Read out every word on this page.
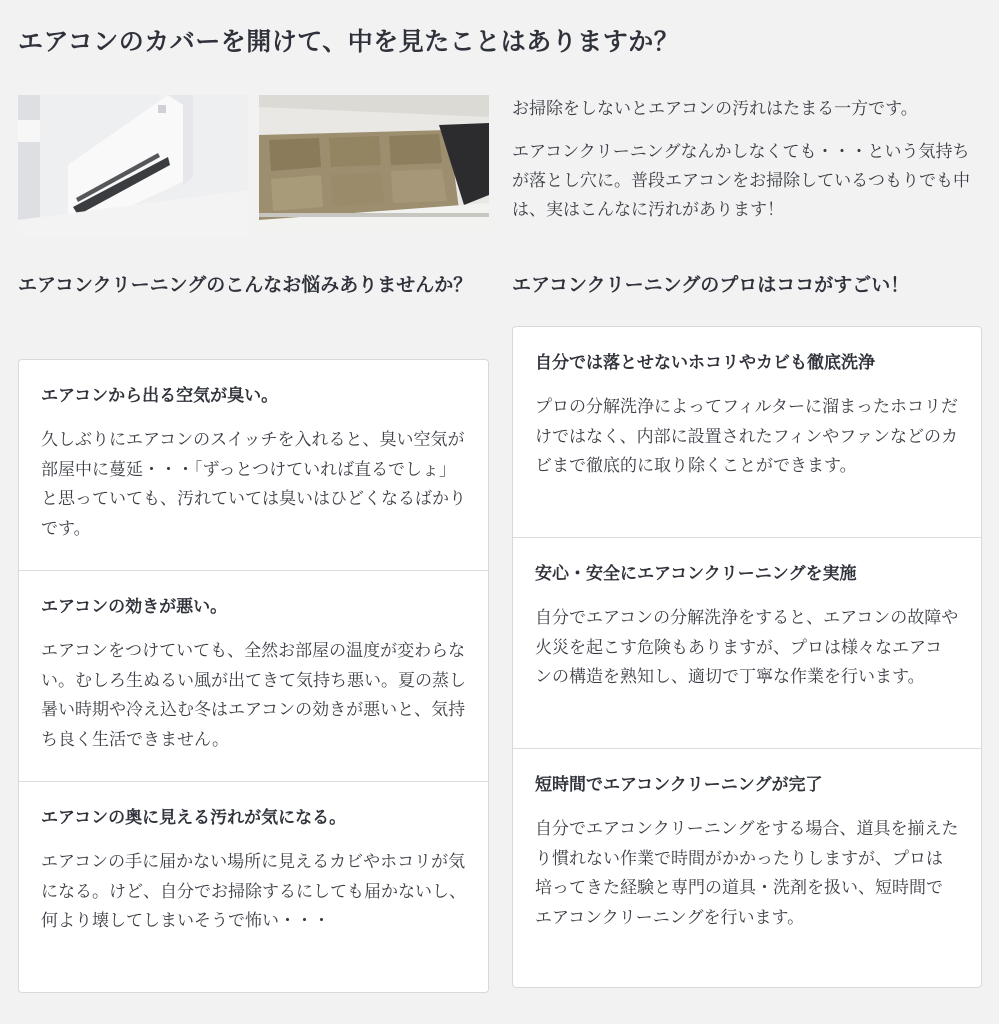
エアコンのカバーを開けて、中を見たことはありますか？

お掃除をしないとエアコンの汚れはたまる一方です。

エアコンクリーニングなんかしなくても・・・という気持ちが落とし穴に。普段エアコンをお掃除しているつもりでも中は、実はこんなに汚れがあります！

エアコンクリーニングのこんなお悩みありませんか？	エアコンクリーニングのプロはココがすごい！
エアコンから出る空気が臭い。

久しぶりにエアコンのスイッチを入れると、臭い空気が部屋中に蔓延・・・｢ずっとつけていれば直るでしょ」と思っていても、汚れていては臭いはひどくなるばかりです。

エアコンの効きが悪い。

エアコンをつけていても、全然お部屋の温度が変わらない。むしろ生ぬるい風が出てきて気持ち悪い。夏の蒸し暑い時期や冷え込む冬はエアコンの効きが悪いと、気持ち良く生活できません。

エアコンの奥に見える汚れが気になる。

エアコンの手に届かない場所に見えるカビやホコリが気になる。けど、自分でお掃除するにしても届かないし、何より壊してしまいそうで怖い・・・

自分では落とせないホコリやカビも徹底洗浄

プロの分解洗浄によってフィルターに溜まったホコリだけではなく、内部に設置されたフィンやファンなどのカビまで徹底的に取り除くことができます。

安心・安全にエアコンクリーニングを実施

自分でエアコンの分解洗浄をすると、エアコンの故障や火災を起こす危険もありますが、プロは様々なエアコンの構造を熟知し、適切で丁寧な作業を行います。

短時間でエアコンクリーニングが完了

自分でエアコンクリーニングをする場合、道具を揃えたり慣れない作業で時間がかかったりしますが、プロは培ってきた経験と専門の道具・洗剤を扱い、短時間でエアコンクリーニングを行います。
